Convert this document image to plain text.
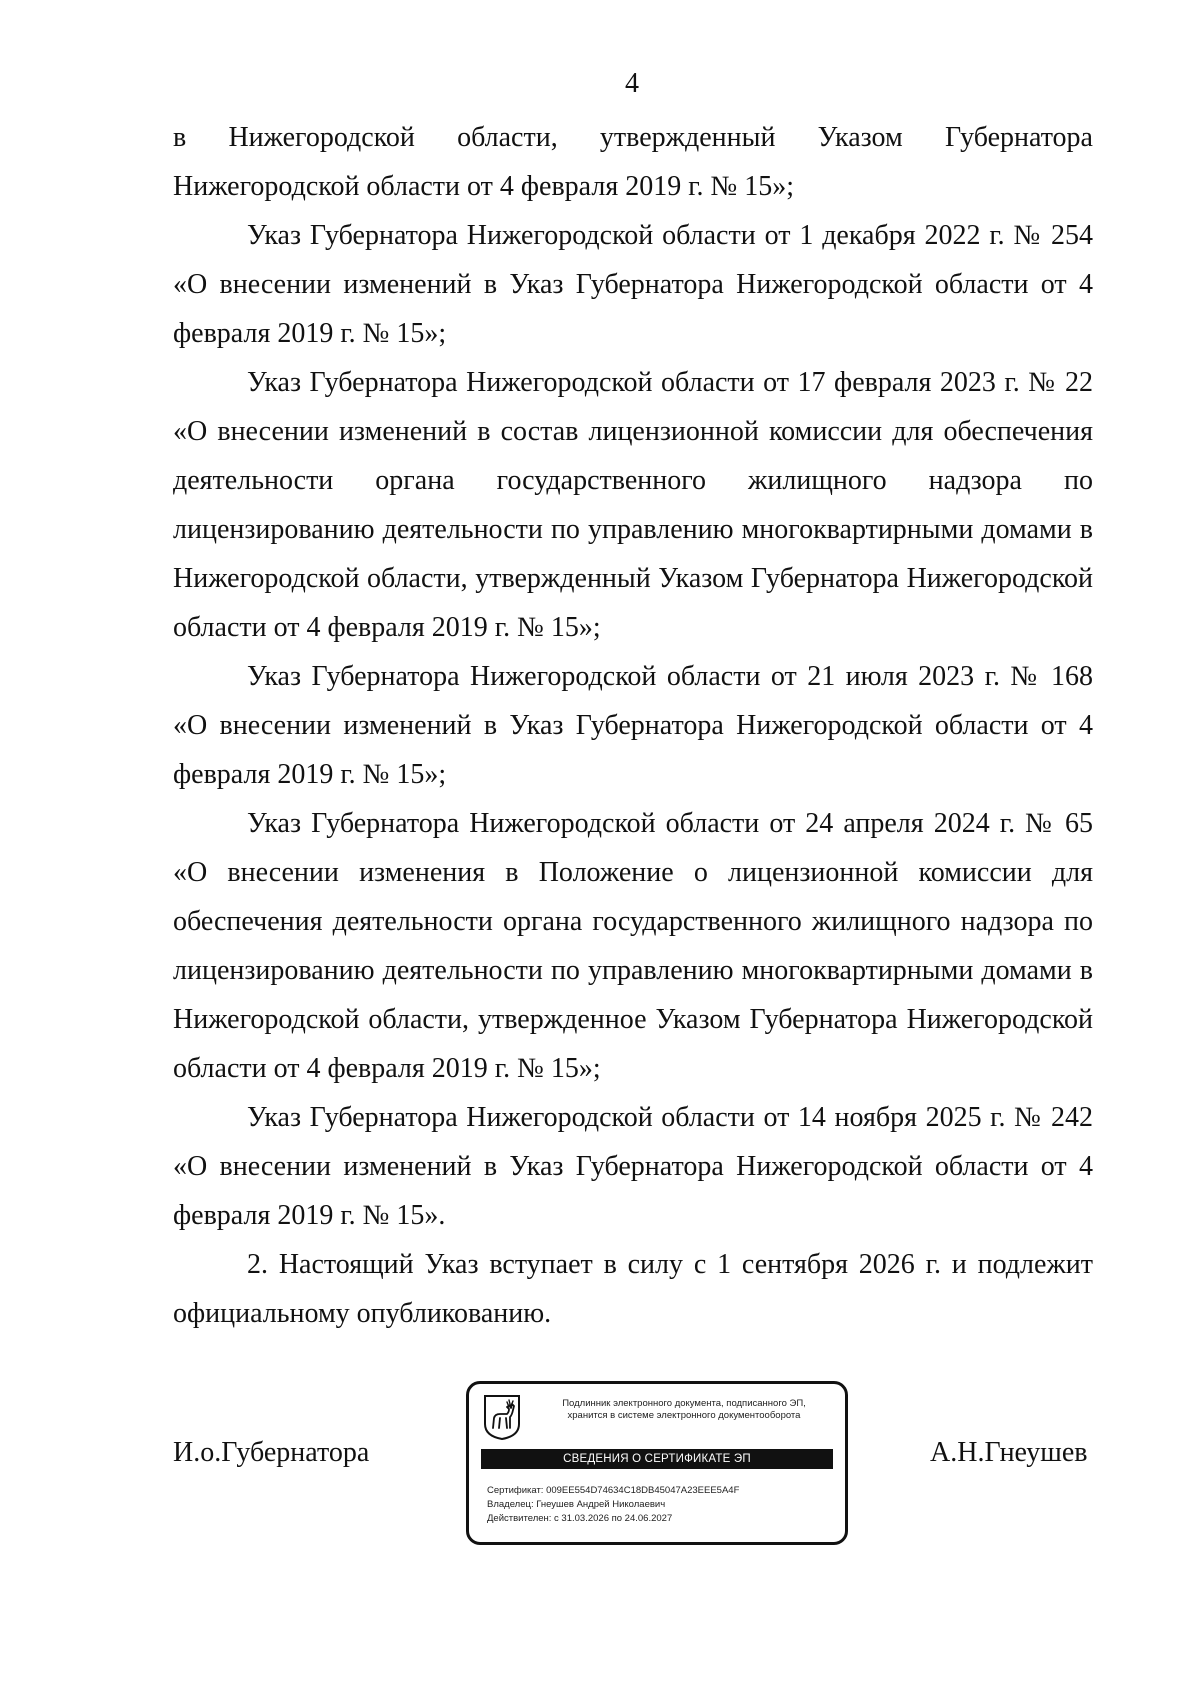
4

в Нижегородской области, утвержденный Указом Губернатора Нижегородской области от 4 февраля 2019 г. № 15»;

Указ Губернатора Нижегородской области от 1 декабря 2022 г. № 254 «О внесении изменений в Указ Губернатора Нижегородской области от 4 февраля 2019 г. № 15»;

Указ Губернатора Нижегородской области от 17 февраля 2023 г. № 22 «О внесении изменений в состав лицензионной комиссии для обеспечения деятельности органа государственного жилищного надзора по лицензированию деятельности по управлению многоквартирными домами в Нижегородской области, утвержденный Указом Губернатора Нижегородской области от 4 февраля 2019 г. № 15»;

Указ Губернатора Нижегородской области от 21 июля 2023 г. № 168 «О внесении изменений в Указ Губернатора Нижегородской области от 4 февраля 2019 г. № 15»;

Указ Губернатора Нижегородской области от 24 апреля 2024 г. № 65 «О внесении изменения в Положение о лицензионной комиссии для обеспечения деятельности органа государственного жилищного надзора по лицензированию деятельности по управлению многоквартирными домами в Нижегородской области, утвержденное Указом Губернатора Нижегородской области от 4 февраля 2019 г. № 15»;

Указ Губернатора Нижегородской области от 14 ноября 2025 г. № 242 «О внесении изменений в Указ Губернатора Нижегородской области от 4 февраля 2019 г. № 15».

2. Настоящий Указ вступает в силу с 1 сентября 2026 г. и подлежит официальному опубликованию.

И.о.Губернатора	А.Н.Гнеушев
Подлинник электронного документа, подписанного ЭП,
хранится в системе электронного документооборота
СВЕДЕНИЯ О СЕРТИФИКАТЕ ЭП
Сертификат: 009EE554D74634C18DB45047A23EEE5A4F
Владелец: Гнеушев Андрей Николаевич
Действителен: с 31.03.2026 по 24.06.2027
